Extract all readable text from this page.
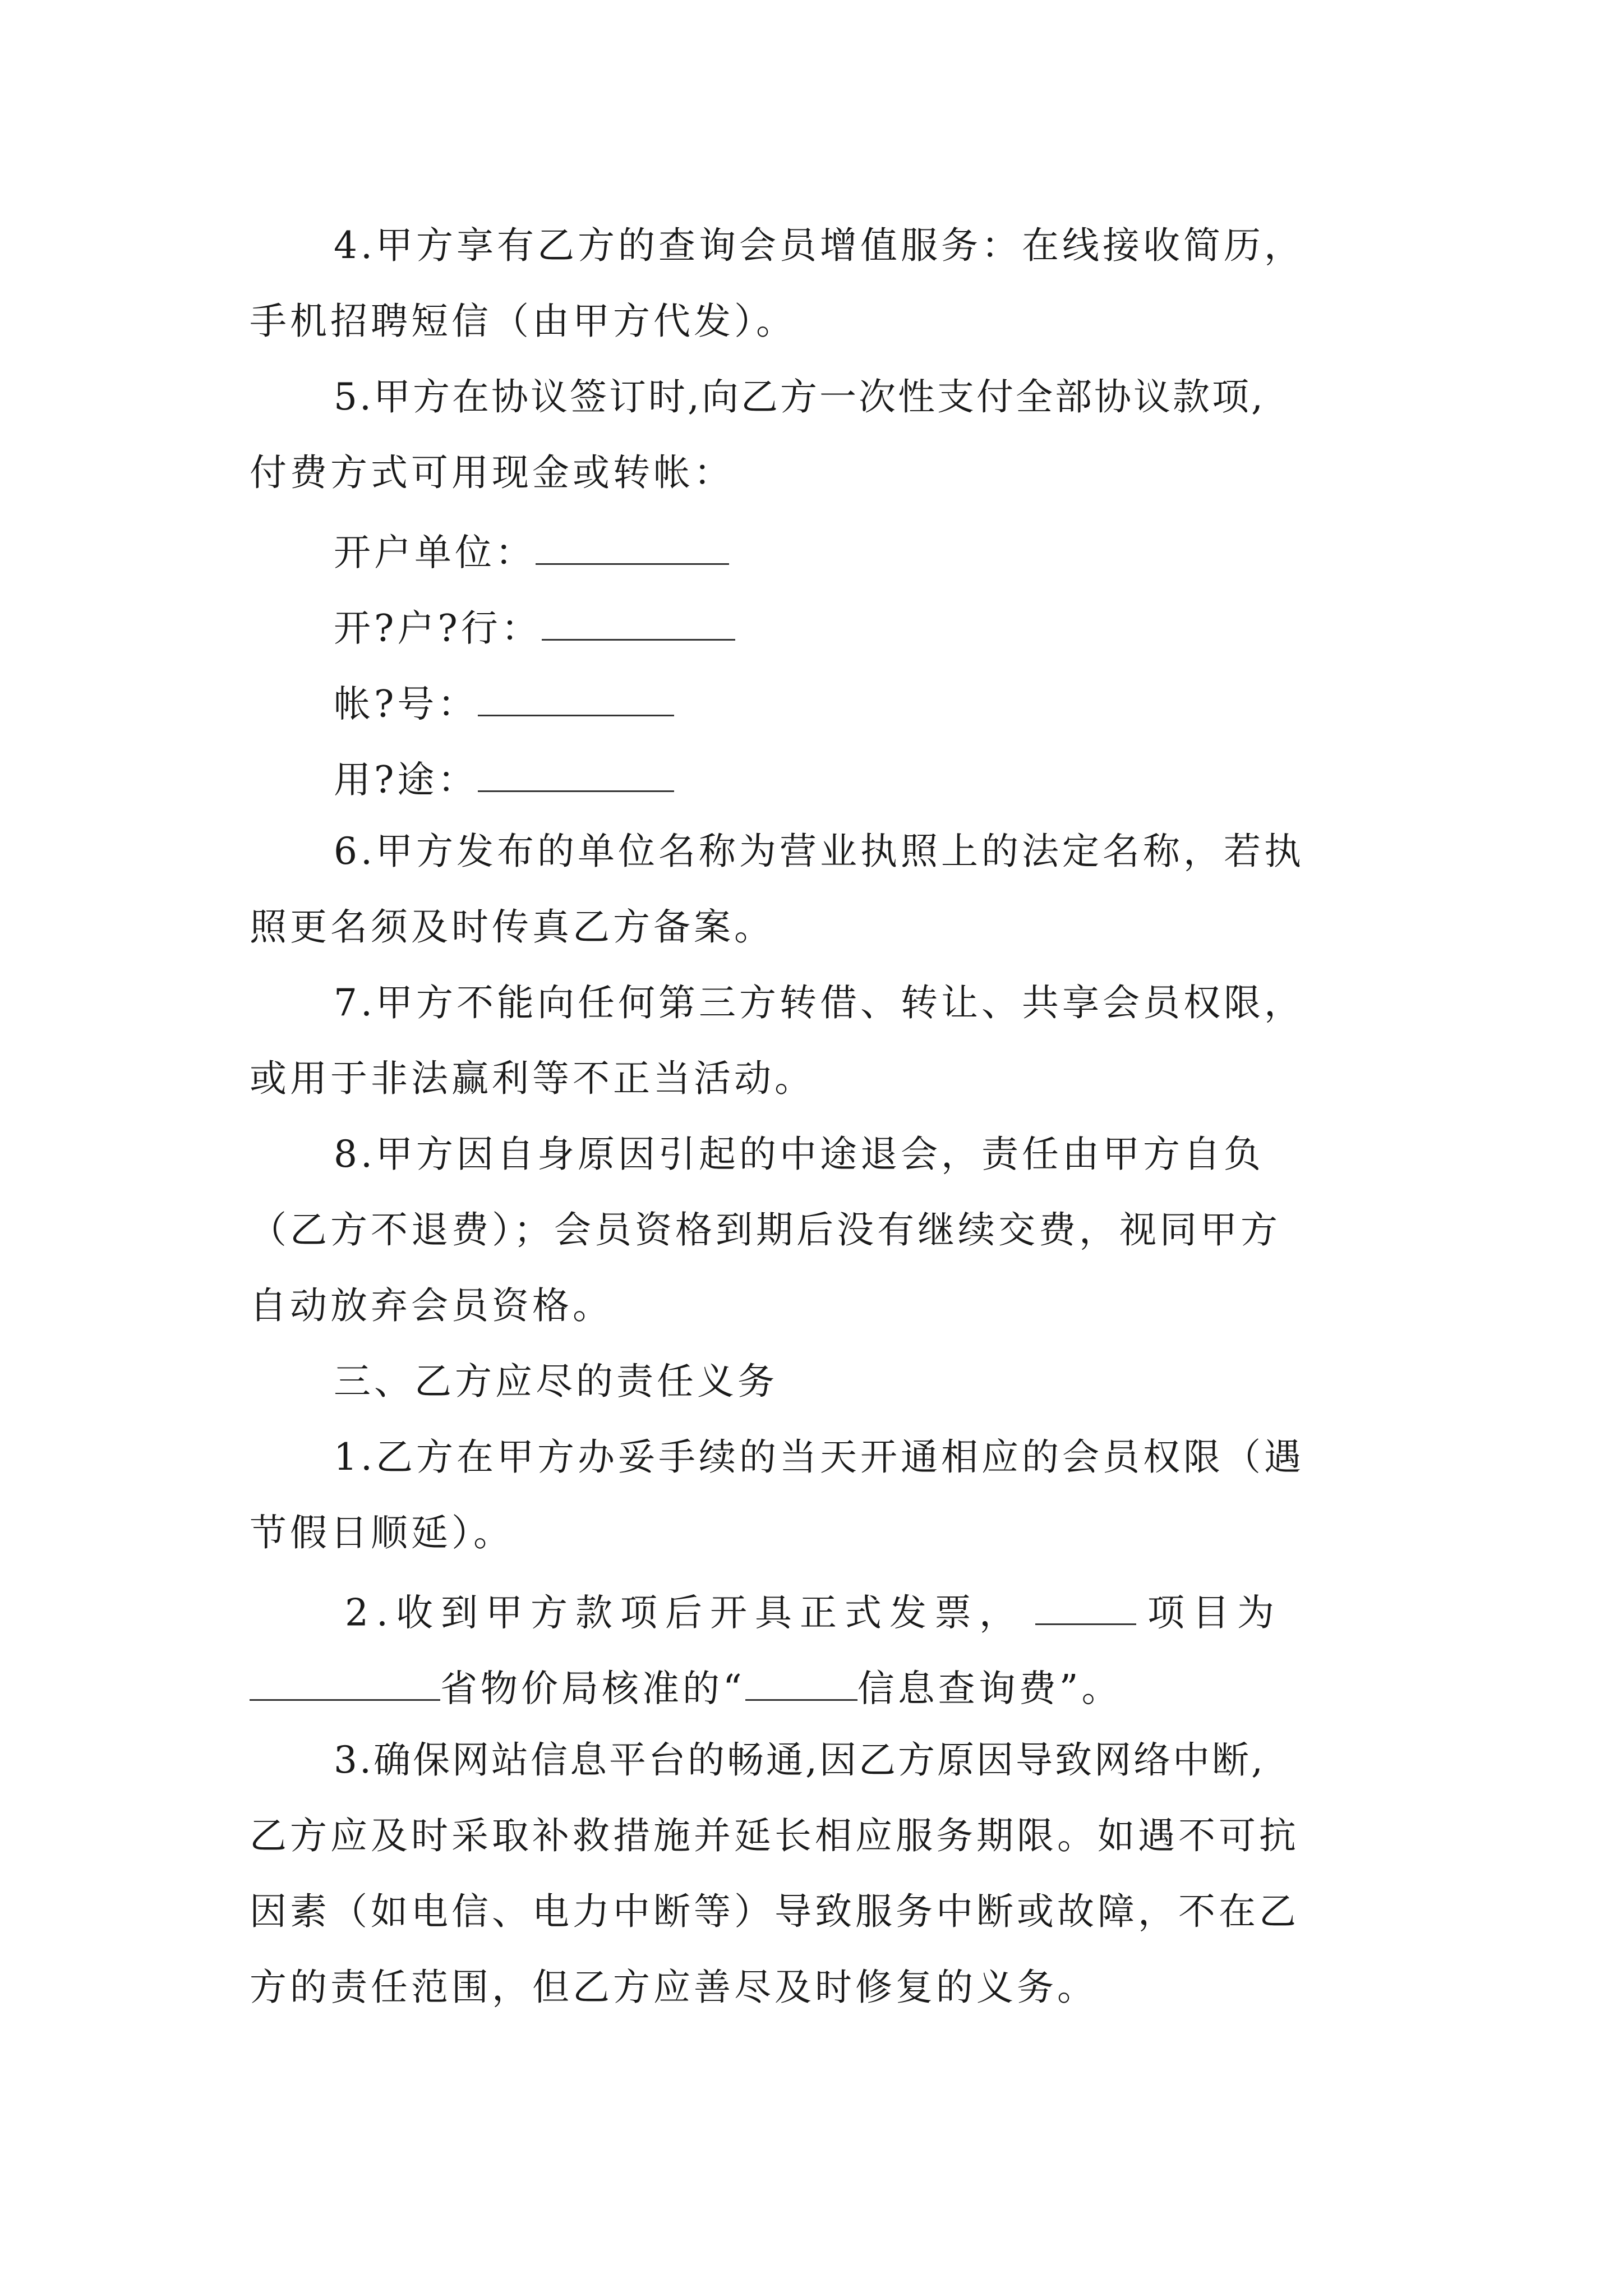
4.甲方享有乙方的查询会员增值服务：在线接收简历，
手机招聘短信（由甲方代发）。
5.甲方在协议签订时,向乙方一次性支付全部协议款项,
付费方式可用现金或转帐：
开户单位：
开?户?行：
帐?号：
用?途：
6.甲方发布的单位名称为营业执照上的法定名称，若执
照更名须及时传真乙方备案。
7.甲方不能向任何第三方转借、转让、共享会员权限，
或用于非法赢利等不正当活动。
8.甲方因自身原因引起的中途退会，责任由甲方自负
（乙方不退费）；会员资格到期后没有继续交费，视同甲方
自动放弃会员资格。
三、乙方应尽的责任义务
1.乙方在甲方办妥手续的当天开通相应的会员权限（遇
节假日顺延）。
2.收到甲方款项后开具正式发票，	项目为
省物价局核准的“	信息查询费”。
3.确保网站信息平台的畅通,因乙方原因导致网络中断,
乙方应及时采取补救措施并延长相应服务期限。如遇不可抗
因素（如电信、电力中断等）导致服务中断或故障，不在乙
方的责任范围，但乙方应善尽及时修复的义务。
